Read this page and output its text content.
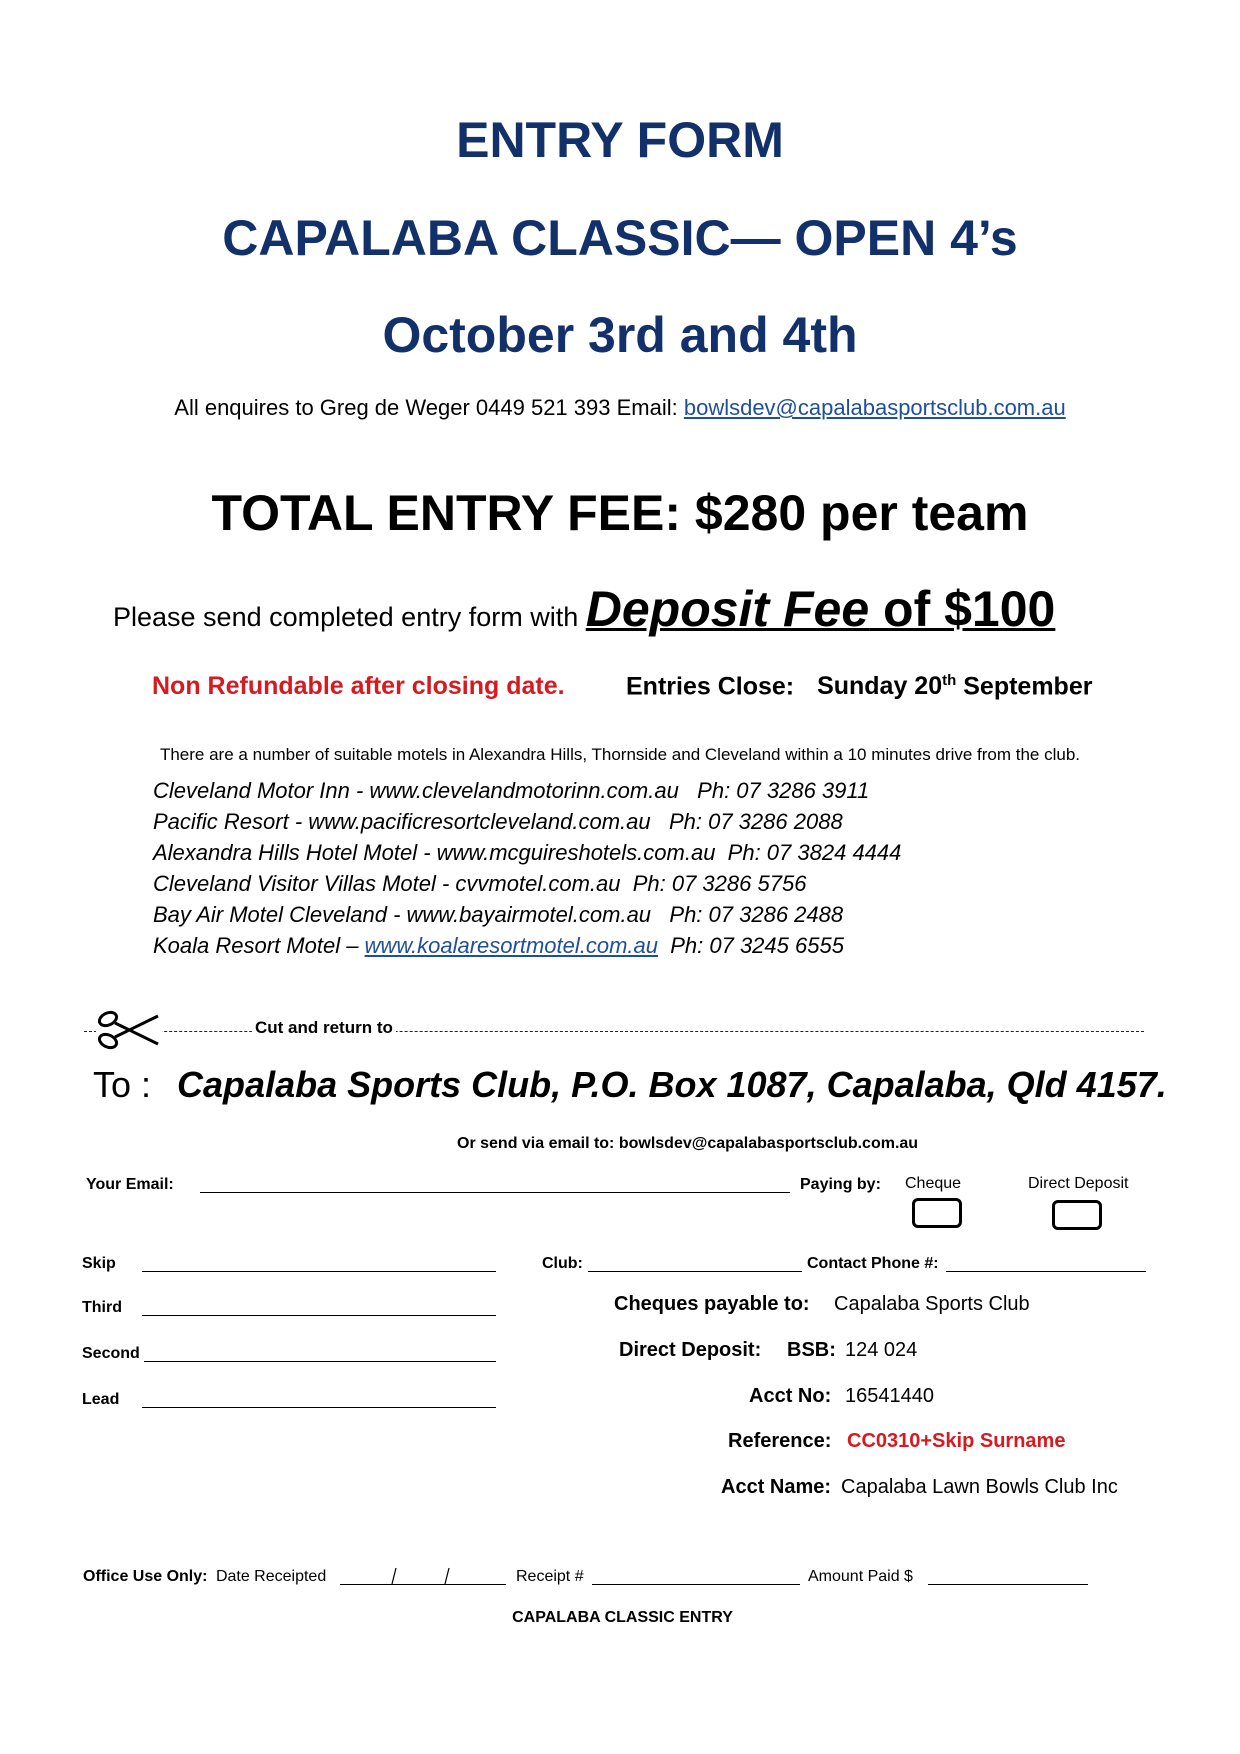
ENTRY FORM
CAPALABA CLASSIC— OPEN 4’s
October 3rd and 4th
All enquires to Greg de Weger 0449 521 393 Email: bowlsdev@capalabasportsclub.com.au
TOTAL ENTRY FEE: $280 per team
Please send completed entry form with Deposit Fee of $100
Non Refundable after closing date. Entries Close: Sunday 20th September
There are a number of suitable motels in Alexandra Hills, Thornside and Cleveland within a 10 minutes drive from the club.
Cleveland Motor Inn - www.clevelandmotorinn.com.au Ph: 07 3286 3911
Pacific Resort - www.pacificresortcleveland.com.au Ph: 07 3286 2088
Alexandra Hills Hotel Motel - www.mcguireshotels.com.au Ph: 07 3824 4444
Cleveland Visitor Villas Motel - cvvmotel.com.au Ph: 07 3286 5756
Bay Air Motel Cleveland - www.bayairmotel.com.au Ph: 07 3286 2488
Koala Resort Motel – www.koalaresortmotel.com.au Ph: 07 3245 6555
Cut and return to
To : Capalaba Sports Club, P.O. Box 1087, Capalaba, Qld 4157.
Or send via email to: bowlsdev@capalabasportsclub.com.au
Your Email:	Paying by: Cheque	Direct Deposit
Skip	Club:	Contact Phone #:
Third
Second
Lead
Cheques payable to: Capalaba Sports Club
Direct Deposit: BSB: 124 024
Acct No: 16541440
Reference: CC0310+Skip Surname
Acct Name: Capalaba Lawn Bowls Club Inc
Office Use Only: Date Receipted	Receipt #	Amount Paid $
CAPALABA CLASSIC ENTRY
